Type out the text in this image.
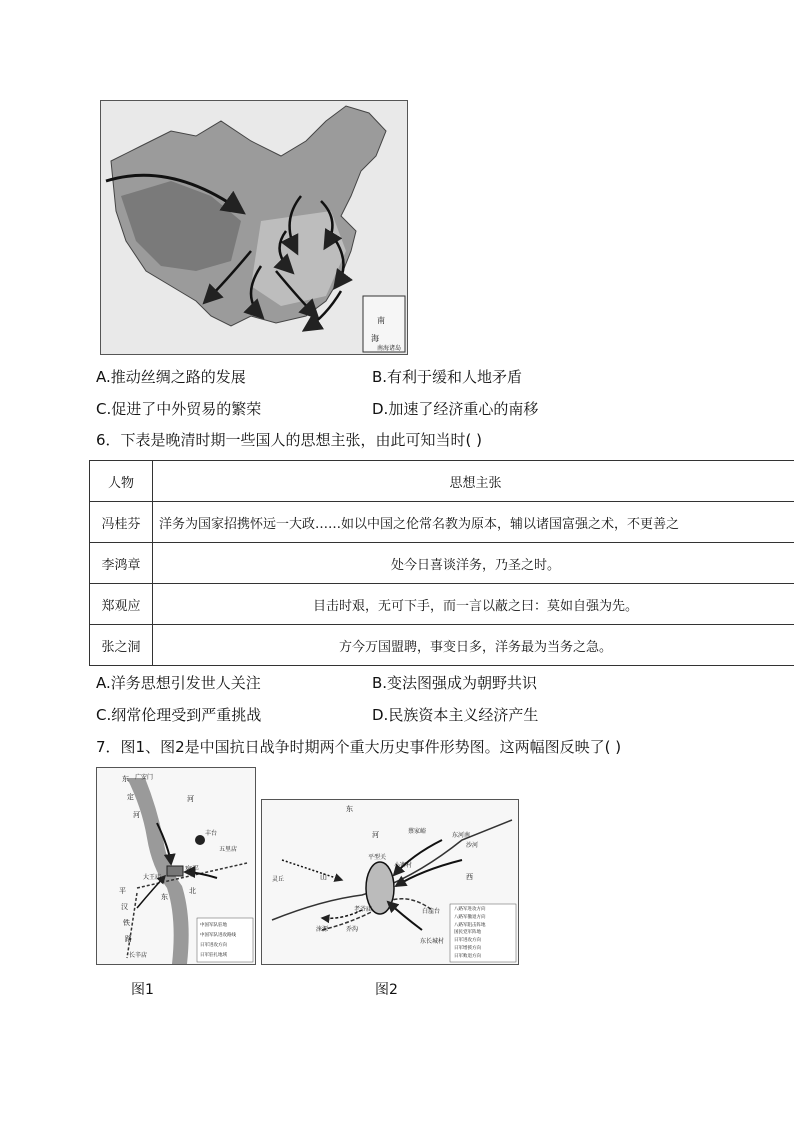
南
海
南海诸岛
A.推动丝绸之路的发展	B.有利于缓和人地矛盾
C.促进了中外贸易的繁荣	D.加速了经济重心的南移
6．下表是晚清时期一些国人的思想主张，由此可知当时( )
人物	思想主张
冯桂芬	洋务为国家招携怀远一大政……如以中国之伦常名教为原本，辅以诸国富强之术，不更善之
李鸿章	处今日喜谈洋务，乃圣之时。
郑观应	目击时艰，无可下手，而一言以蔽之曰：莫如自强为先。
张之洞	方今万国盟聘，事变日多，洋务最为当务之急。
A.洋务思想引发世人关注	B.变法图强成为朝野共识
C.纲常伦理受到严重挑战	D.民族资本主义经济产生
7．图1、图2是中国抗日战争时期两个重大历史事件形势图。这两幅图反映了( )
东
定
河
平
汉
铁
路
东
北
河
宛平
大王庙
五里店
长辛店
广安门
丰台
中国军队驻地
中国军队进攻路线
日军进攻方向
日军驻扎地域
东
河
西
山
蔡家峪
灵丘
东河南
沙河
小寨村
涞源	乔沟
老爷庙
东长城村
白崖台
平型关
八路军进攻方向
八路军撤退方向
八路军阻击阵地
国民党军阵地
日军进攻方向
日军增援方向
日军败退方向
图1	图2
